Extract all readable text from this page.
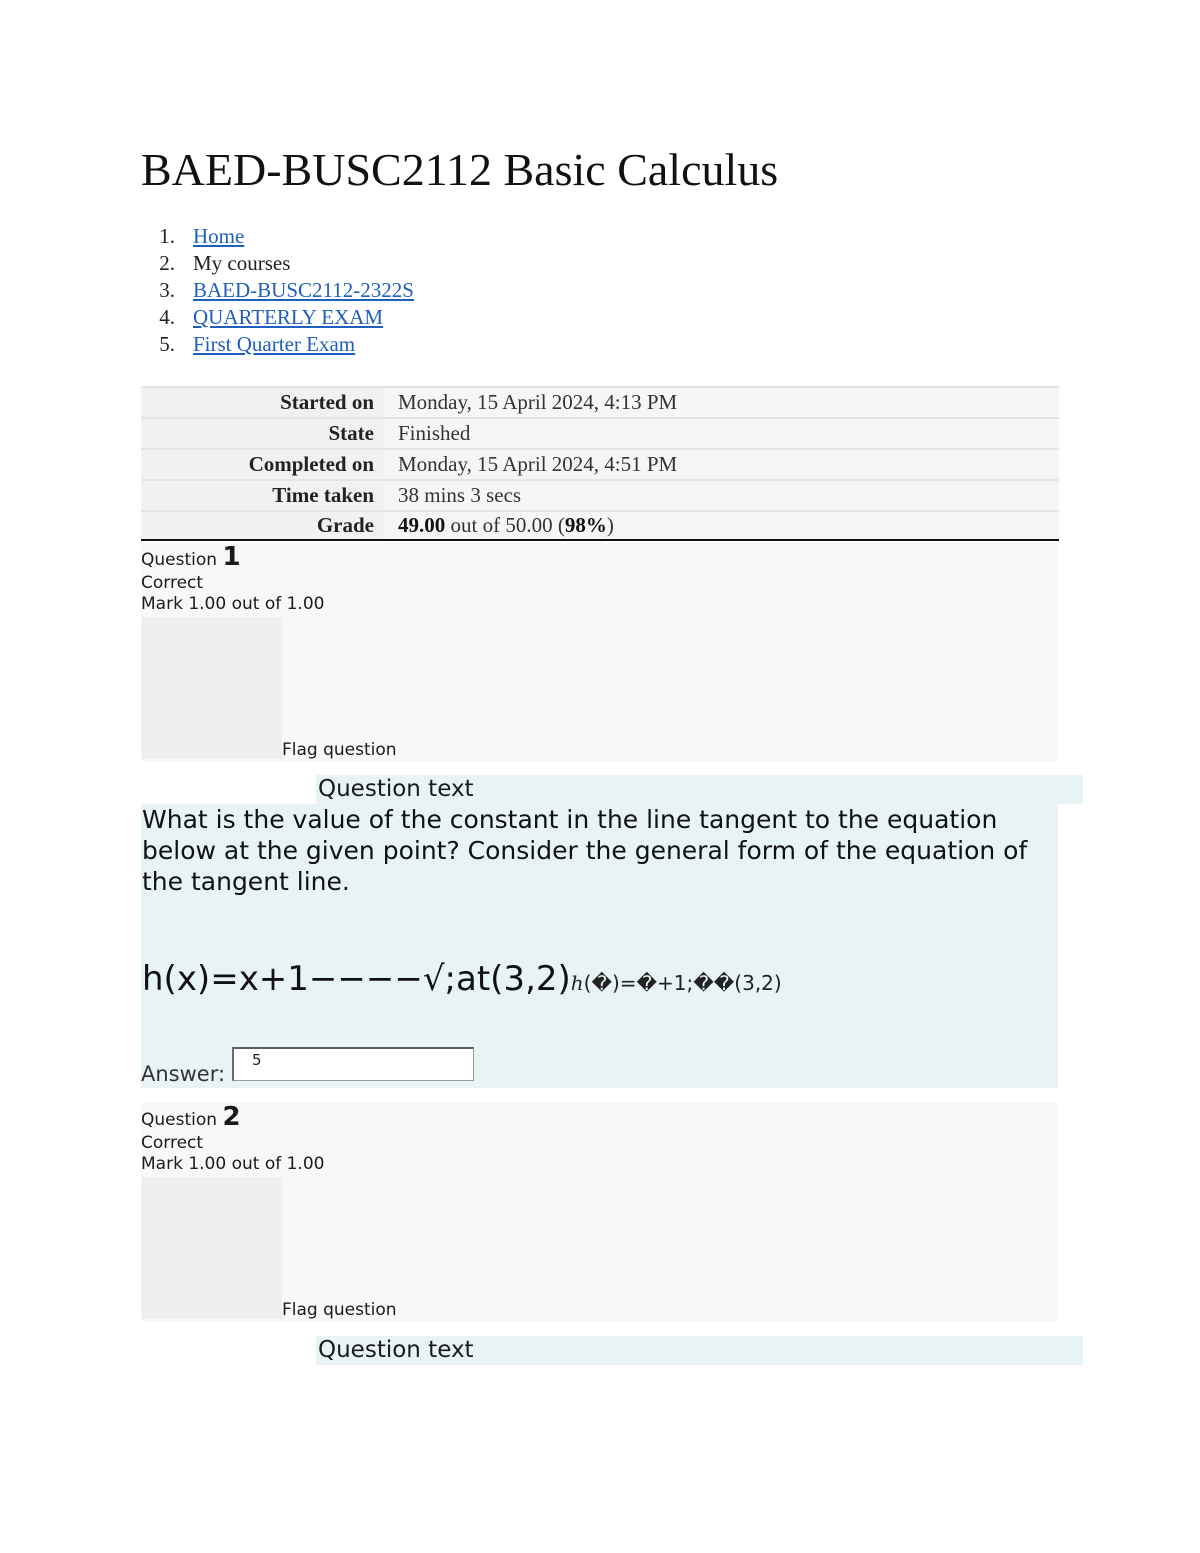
BAED-BUSC2112 Basic Calculus
1. Home
2. My courses
3. BAED-BUSC2112-2322S
4. QUARTERLY EXAM
5. First Quarter Exam
Started on	Monday, 15 April 2024, 4:13 PM
State	Finished
Completed on	Monday, 15 April 2024, 4:51 PM
Time taken	38 mins 3 secs
Grade	49.00 out of 50.00 (98%)
Question 1
Correct
Mark 1.00 out of 1.00
Flag question
Question text

What is the value of the constant in the line tangent to the equation below at the given point? Consider the general form of the equation of the tangent line.

h(x)=x+1−−−−√;at(3,2)h(�)=�+1;��(3,2)
Answer:
5
Question 2
Correct
Mark 1.00 out of 1.00
Flag question
Question text
